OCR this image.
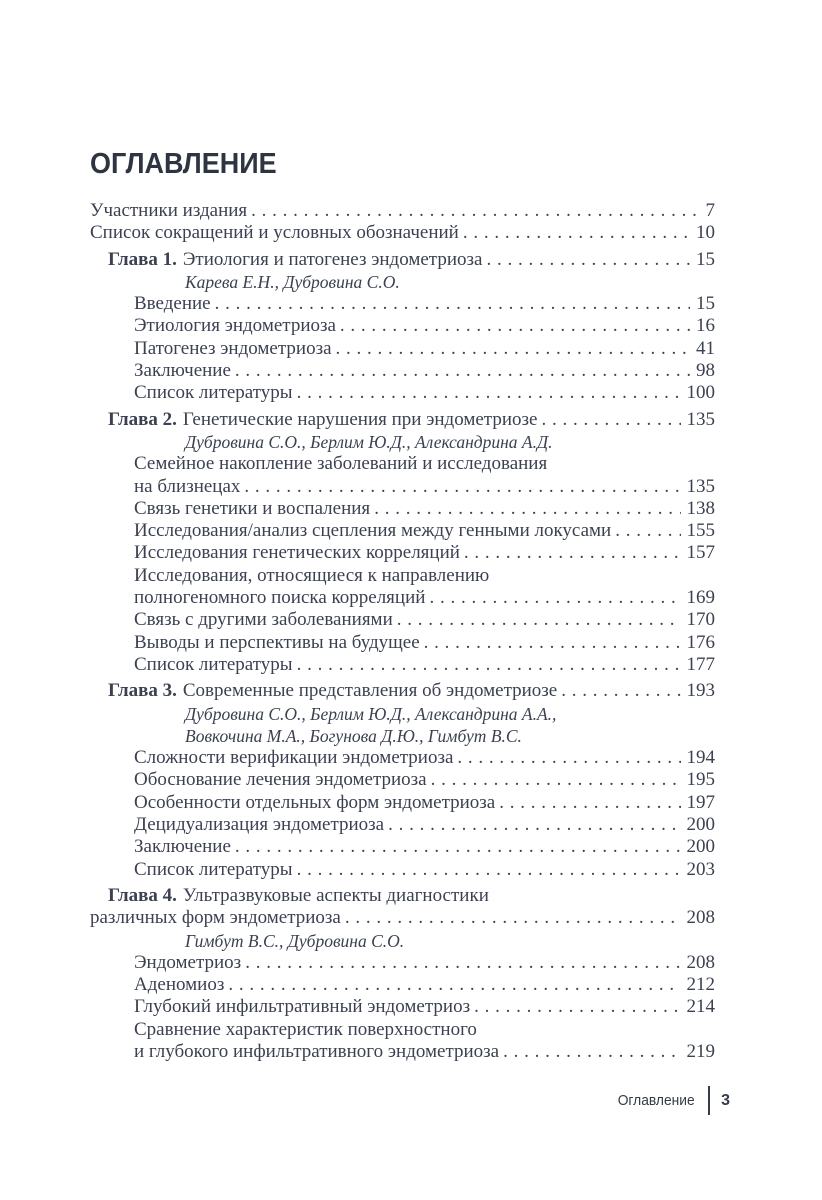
ОГЛАВЛЕНИЕ
Участники издания . . .	7
Список сокращений и условных обозначений . . .	10
Глава 1. Этиология и патогенез эндометриоза . . .	15
Карева Е.Н., Дубровина С.О.
Введение . . .	15
Этиология эндометриоза . . .	16
Патогенез эндометриоза . . .	41
Заключение . . .	98
Список литературы . . .	100
Глава 2. Генетические нарушения при эндометриозе . . .	135
Дубровина С.О., Берлим Ю.Д., Александрина А.Д.
Семейное накопление заболеваний и исследования
на близнецах . . .	135
Связь генетики и воспаления . . .	138
Исследования/анализ сцепления между генными локусами . . .	155
Исследования генетических корреляций . . .	157
Исследования, относящиеся к направлению
полногеномного поиска корреляций . . .	169
Связь с другими заболеваниями . . .	170
Выводы и перспективы на будущее . . .	176
Список литературы . . .	177
Глава 3. Современные представления об эндометриозе . . .	193
Дубровина С.О., Берлим Ю.Д., Александрина А.А.,
Вовкочина М.А., Богунова Д.Ю., Гимбут В.С.
Сложности верификации эндометриоза . . .	194
Обоснование лечения эндометриоза . . .	195
Особенности отдельных форм эндометриоза . . .	197
Децидуализация эндометриоза . . .	200
Заключение . . .	200
Список литературы . . .	203
Глава 4. Ультразвуковые аспекты диагностики
различных форм эндометриоза . . .	208
Гимбут В.С., Дубровина С.О.
Эндометриоз . . .	208
Аденомиоз . . .	212
Глубокий инфильтративный эндометриоз . . .	214
Сравнение характеристик поверхностного
и глубокого инфильтративного эндометриоза . . .	219
Оглавление 3
